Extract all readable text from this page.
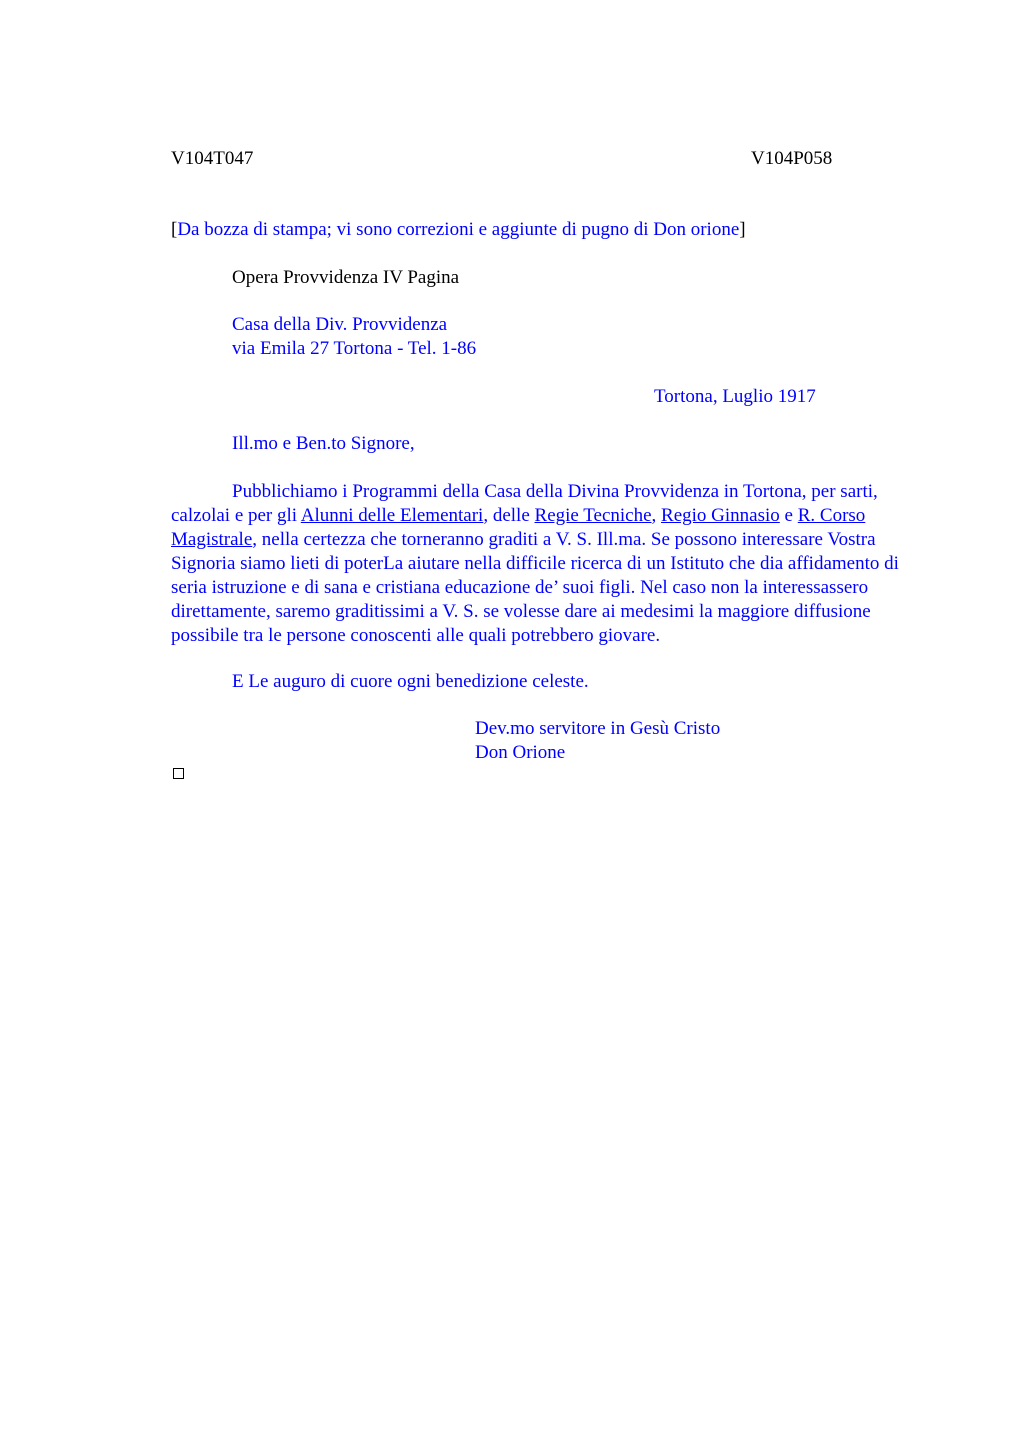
V104T047	V104P058
[Da bozza di stampa; vi sono correzioni e aggiunte di pugno di Don orione]
Opera Provvidenza IV Pagina
Casa della Div. Provvidenza
via Emila 27 Tortona - Tel. 1-86
Tortona, Luglio 1917
Ill.mo e Ben.to Signore,
Pubblichiamo i Programmi della Casa della Divina Provvidenza in Tortona, per sarti, calzolai e per gli Alunni delle Elementari, delle Regie Tecniche, Regio Ginnasio e R. Corso Magistrale, nella certezza che torneranno graditi a V. S. Ill.ma. Se possono interessare Vostra Signoria siamo lieti di poterLa aiutare nella difficile ricerca di un Istituto che dia affidamento di seria istruzione e di sana e cristiana educazione de’ suoi figli. Nel caso non la interessassero direttamente, saremo graditissimi a V. S. se volesse dare ai medesimi la maggiore diffusione possibile tra le persone conoscenti alle quali potrebbero giovare.
E Le auguro di cuore ogni benedizione celeste.
Dev.mo servitore in Gesù Cristo
Don Orione
